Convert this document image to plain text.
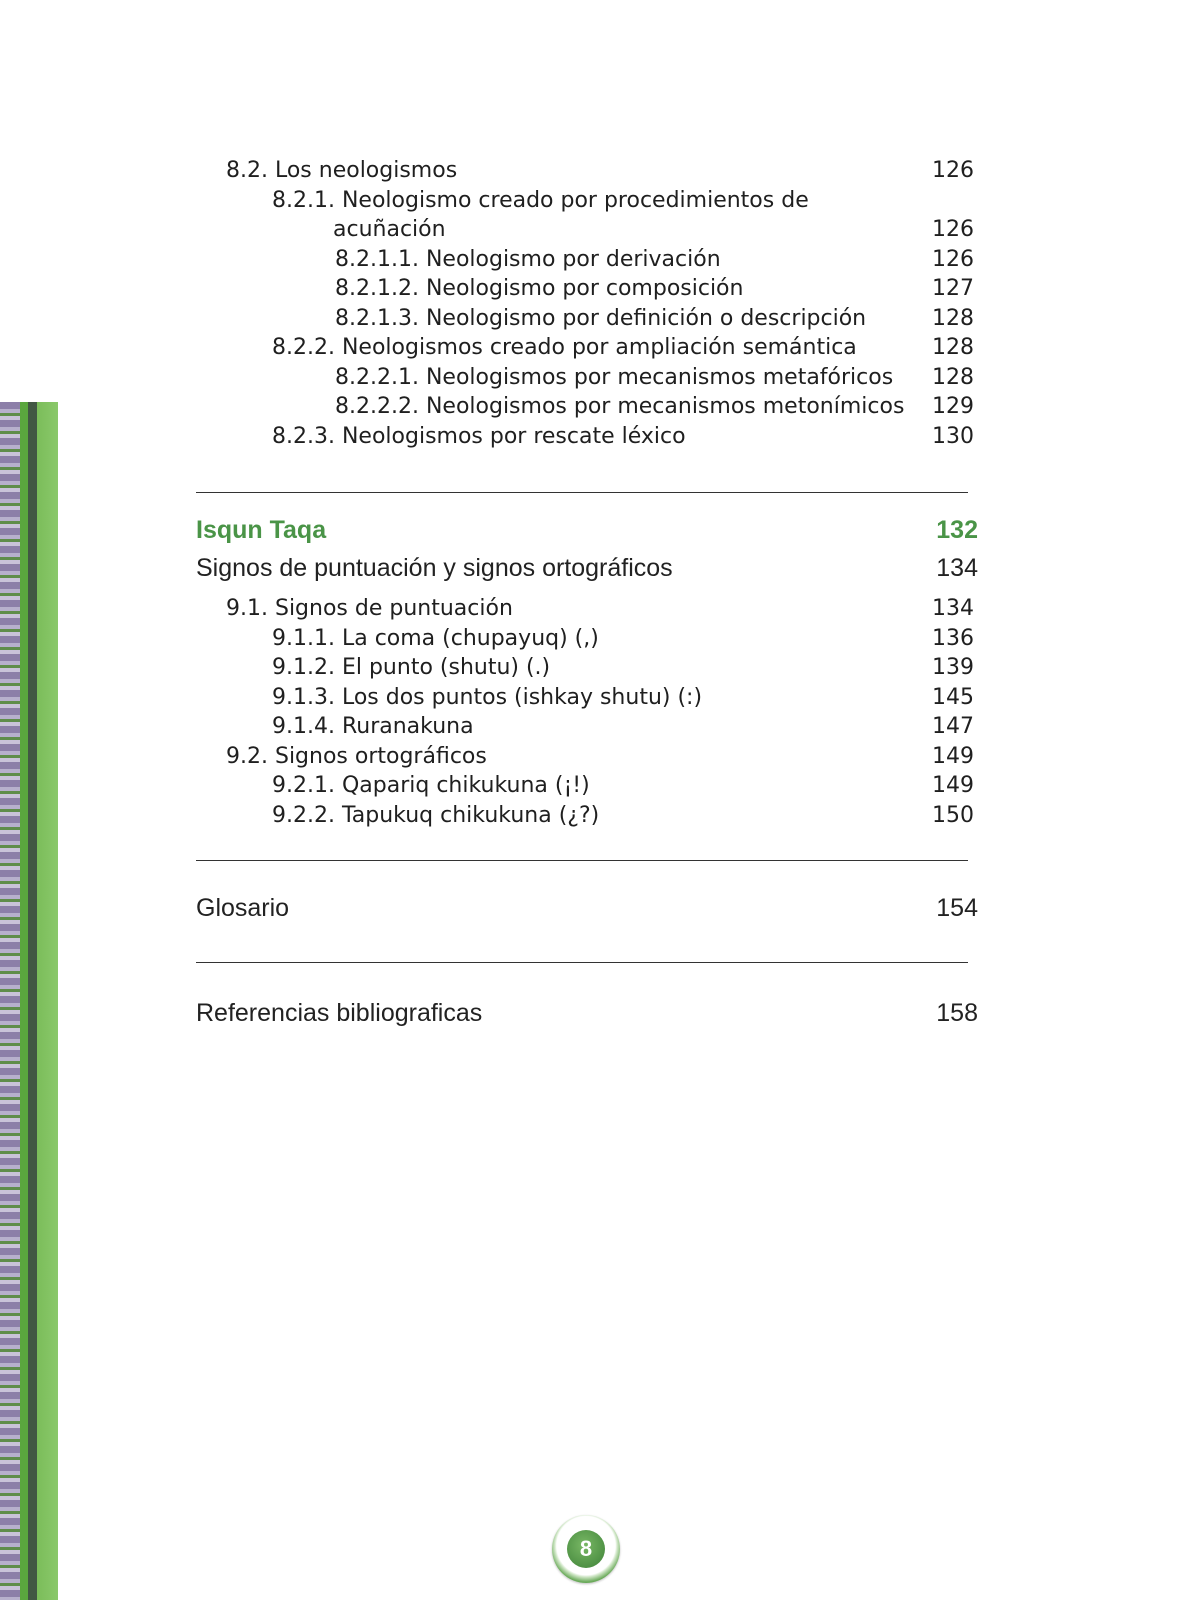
8.2. Los neologismos	126
8.2.1. Neologismo creado por procedimientos de
acuñación	126
8.2.1.1. Neologismo por derivación	126
8.2.1.2. Neologismo por composición	127
8.2.1.3. Neologismo por definición o descripción	128
8.2.2. Neologismos creado por ampliación semántica	128
8.2.2.1. Neologismos por mecanismos metafóricos 128
8.2.2.2. Neologismos por mecanismos metonímicos 129
8.2.3. Neologismos por rescate léxico	130
Isqun Taqa	132
Signos de puntuación y signos ortográficos	134
9.1. Signos de puntuación	134
9.1.1. La coma (chupayuq) (,)	136
9.1.2. El punto (shutu) (.)	139
9.1.3. Los dos puntos (ishkay shutu) (:)	145
9.1.4. Ruranakuna	147
9.2. Signos ortográficos	149
9.2.1. Qapariq chikukuna (¡!)	149
9.2.2. Tapukuq chikukuna (¿?)	150
Glosario	154
Referencias bibliograficas	158
8
